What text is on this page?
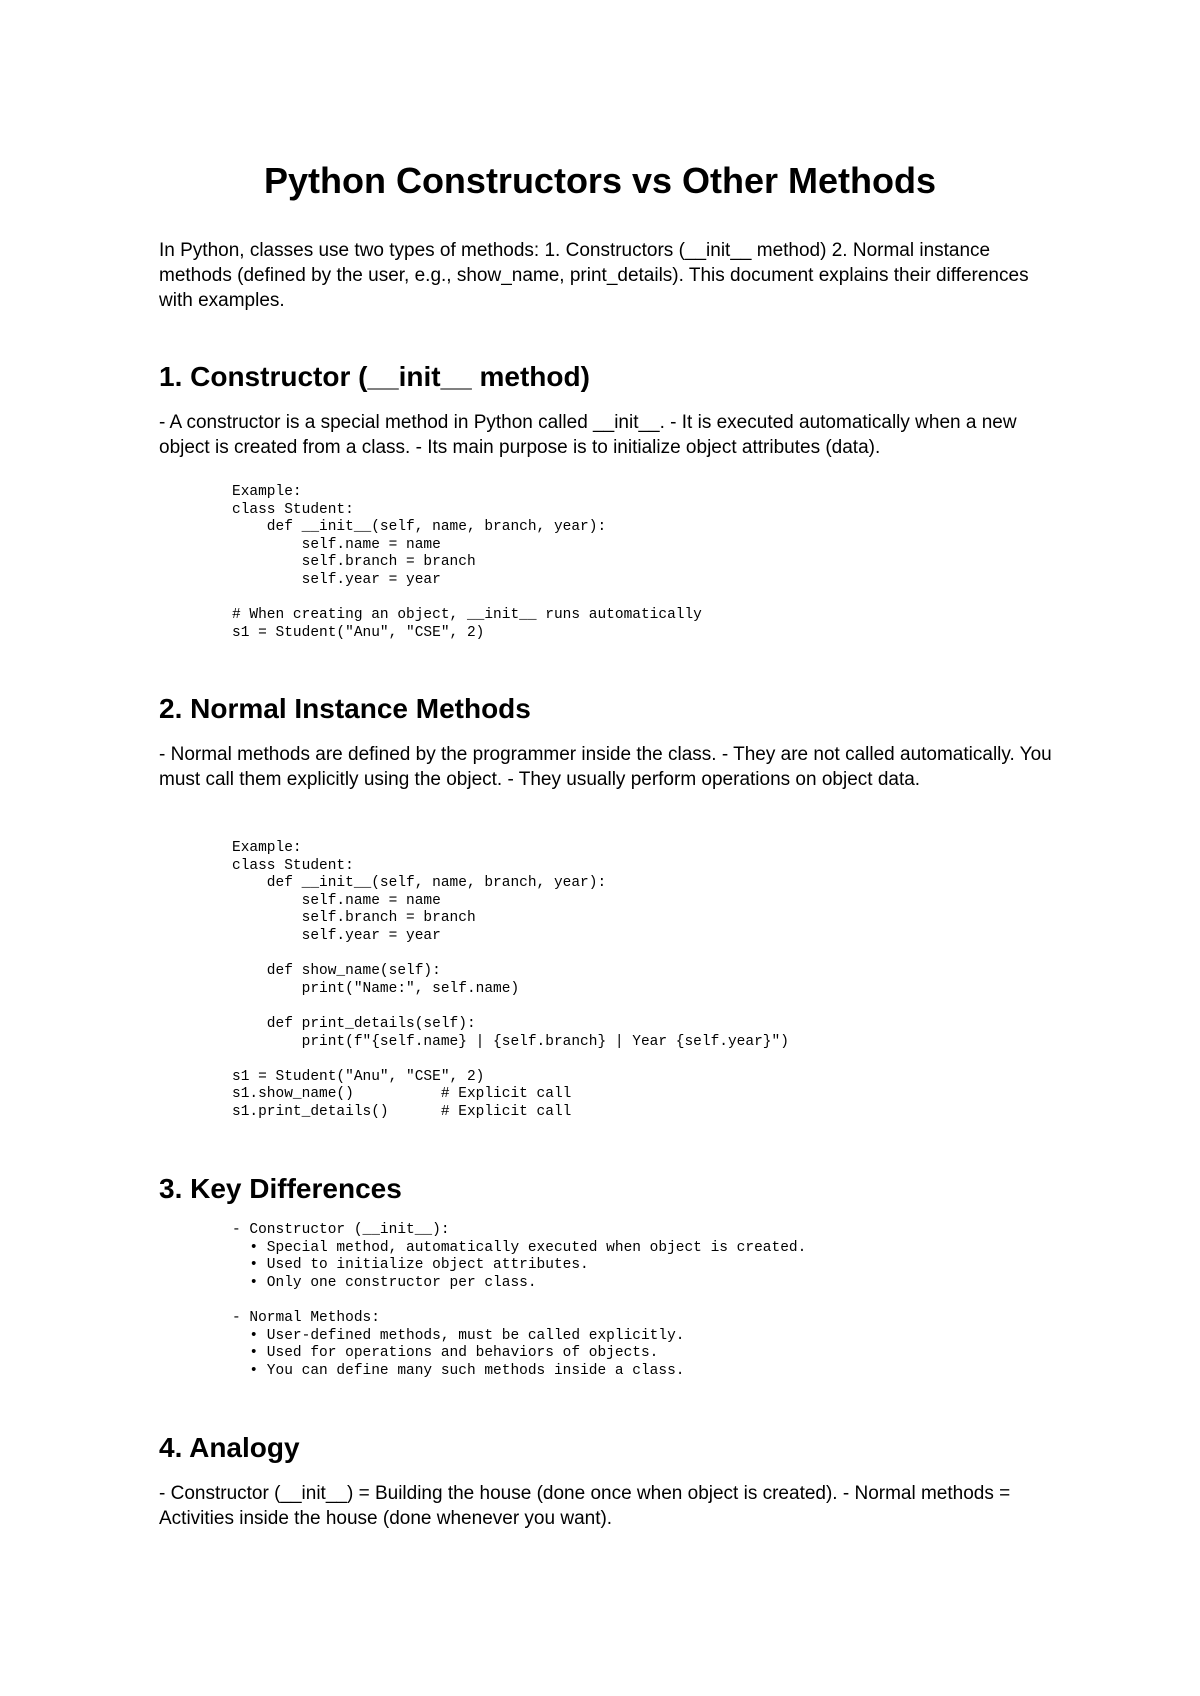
Python Constructors vs Other Methods

In Python, classes use two types of methods: 1. Constructors (__init__ method) 2. Normal instance methods (defined by the user, e.g., show_name, print_details). This document explains their differences with examples.

1. Constructor (__init__ method)

- A constructor is a special method in Python called __init__. - It is executed automatically when a new object is created from a class. - Its main purpose is to initialize object attributes (data).

Example:
class Student:
def __init__(self, name, branch, year):
self.name = name
self.branch = branch
self.year = year

# When creating an object, __init__ runs automatically
s1 = Student("Anu", "CSE", 2)
2. Normal Instance Methods

- Normal methods are defined by the programmer inside the class. - They are not called automatically. You must call them explicitly using the object. - They usually perform operations on object data.

Example:
class Student:
def __init__(self, name, branch, year):
self.name = name
self.branch = branch
self.year = year

def show_name(self):
print("Name:", self.name)

def print_details(self):
print(f"{self.name} | {self.branch} | Year {self.year}")

s1 = Student("Anu", "CSE", 2)
s1.show_name()          # Explicit call
s1.print_details()      # Explicit call
3. Key Differences
- Constructor (__init__):
• Special method, automatically executed when object is created.
• Used to initialize object attributes.
• Only one constructor per class.

- Normal Methods:
• User-defined methods, must be called explicitly.
• Used for operations and behaviors of objects.
• You can define many such methods inside a class.
4. Analogy

- Constructor (__init__) = Building the house (done once when object is created). - Normal methods = Activities inside the house (done whenever you want).
